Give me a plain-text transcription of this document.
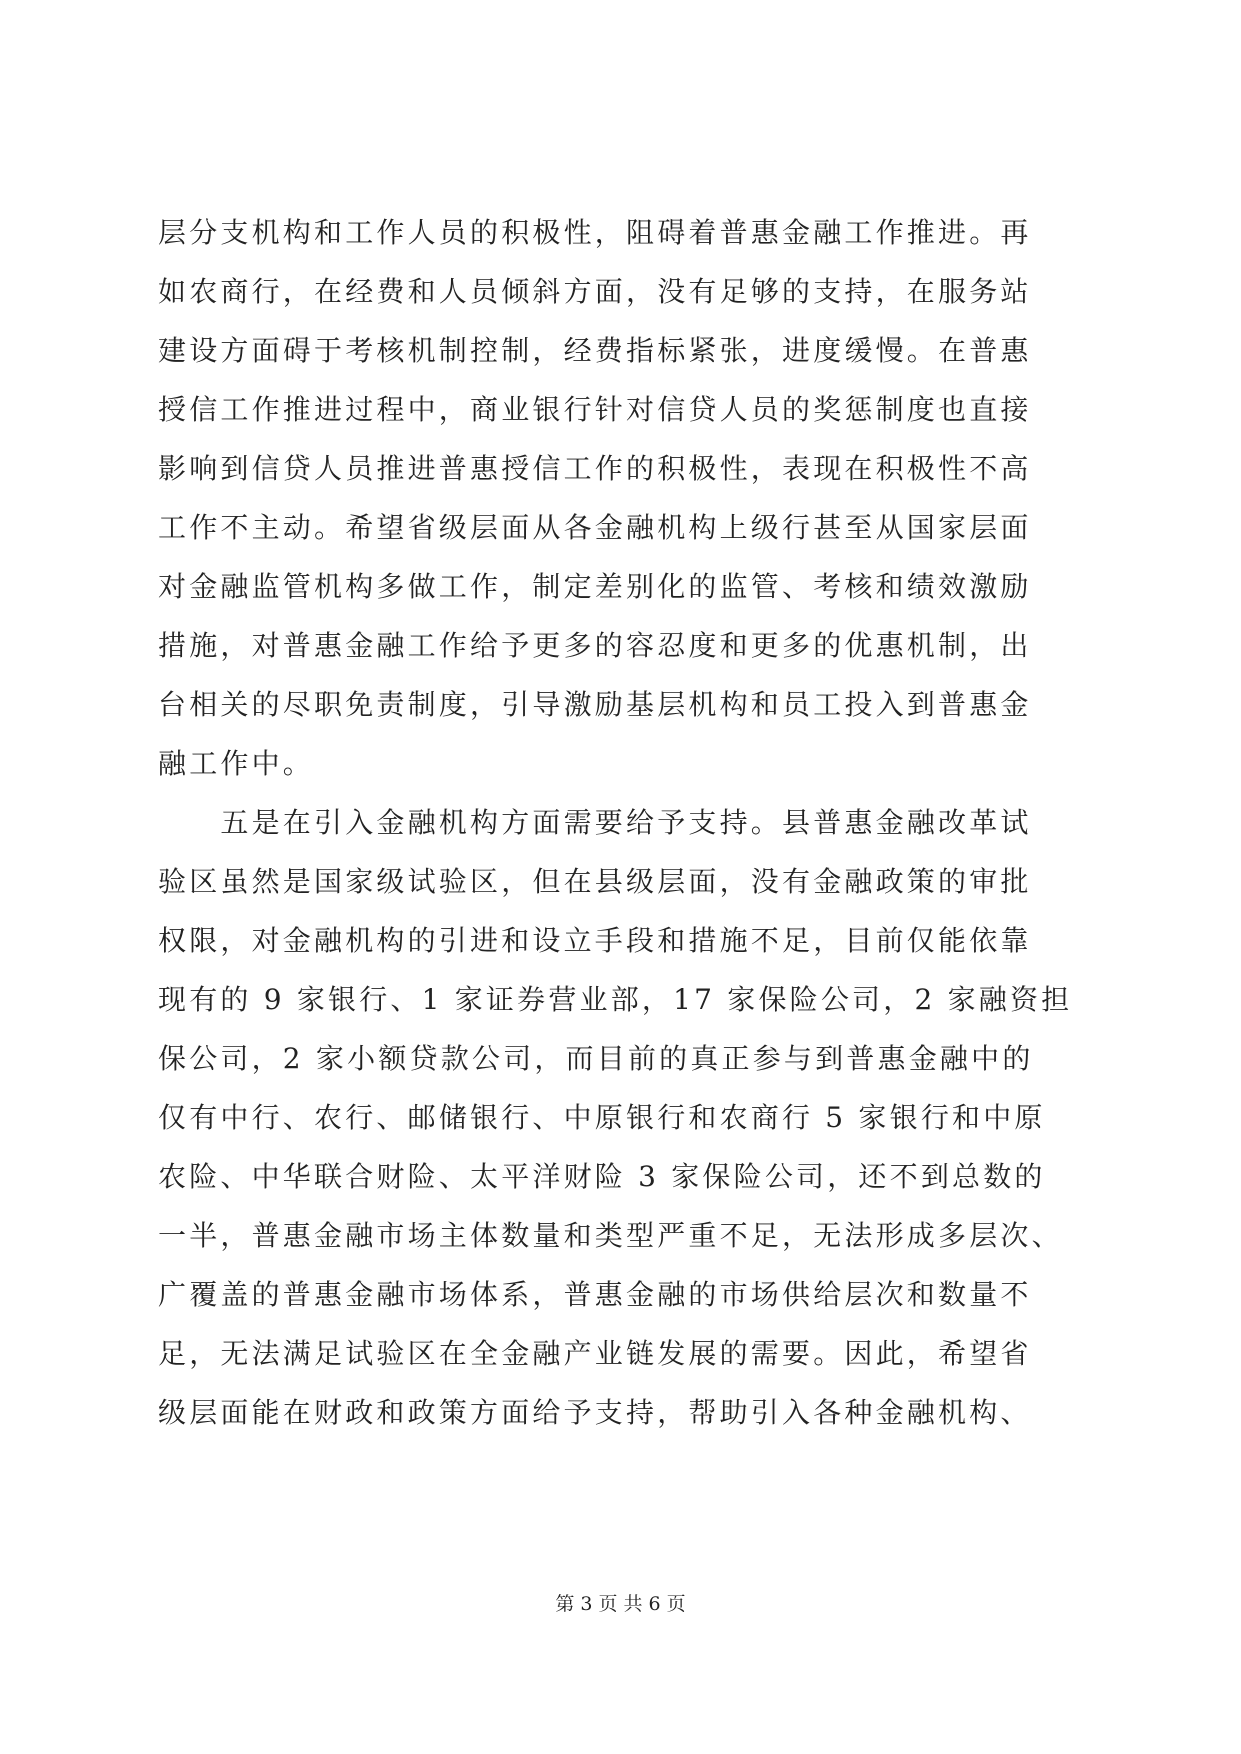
层分支机构和工作人员的积极性，阻碍着普惠金融工作推进。再
如农商行，在经费和人员倾斜方面，没有足够的支持，在服务站
建设方面碍于考核机制控制，经费指标紧张，进度缓慢。在普惠
授信工作推进过程中，商业银行针对信贷人员的奖惩制度也直接
影响到信贷人员推进普惠授信工作的积极性，表现在积极性不高
工作不主动。希望省级层面从各金融机构上级行甚至从国家层面
对金融监管机构多做工作，制定差别化的监管、考核和绩效激励
措施，对普惠金融工作给予更多的容忍度和更多的优惠机制，出
台相关的尽职免责制度，引导激励基层机构和员工投入到普惠金
融工作中。
　　五是在引入金融机构方面需要给予支持。县普惠金融改革试
验区虽然是国家级试验区，但在县级层面，没有金融政策的审批
权限，对金融机构的引进和设立手段和措施不足，目前仅能依靠
现有的 9 家银行、1 家证券营业部，17 家保险公司，2 家融资担
保公司，2 家小额贷款公司，而目前的真正参与到普惠金融中的
仅有中行、农行、邮储银行、中原银行和农商行 5 家银行和中原
农险、中华联合财险、太平洋财险 3 家保险公司，还不到总数的
一半，普惠金融市场主体数量和类型严重不足，无法形成多层次、
广覆盖的普惠金融市场体系，普惠金融的市场供给层次和数量不
足，无法满足试验区在全金融产业链发展的需要。因此，希望省
级层面能在财政和政策方面给予支持，帮助引入各种金融机构、
第 3 页 共 6 页
